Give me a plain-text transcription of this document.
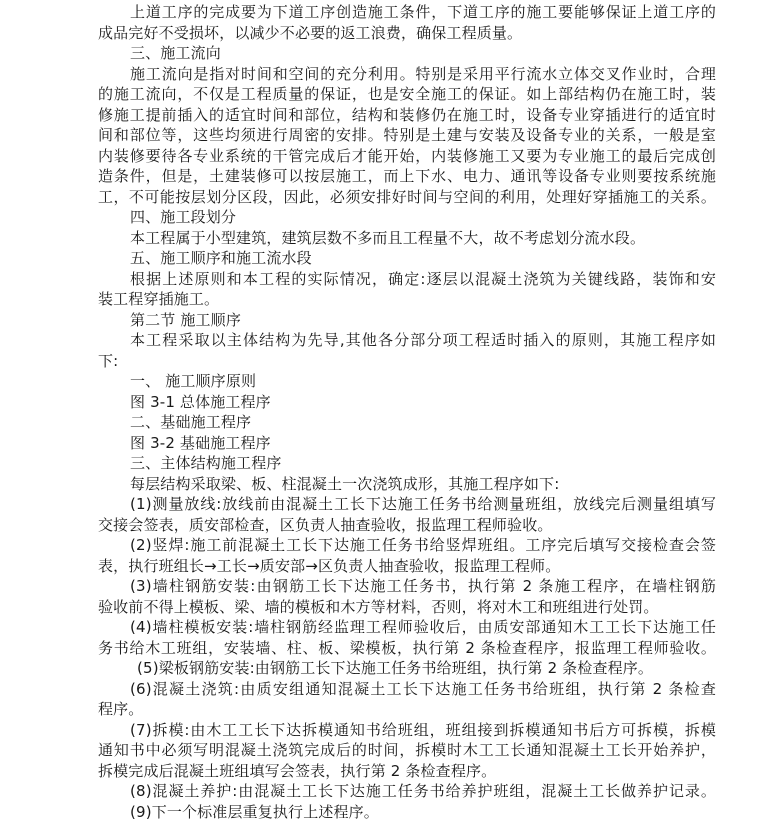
上道工序的完成要为下道工序创造施工条件，下道工序的施工要能够保证上道工序的
成品完好不受损坏，以减少不必要的返工浪费，确保工程质量。
三、施工流向
施工流向是指对时间和空间的充分利用。特别是采用平行流水立体交叉作业时，合理
的施工流向，不仅是工程质量的保证，也是安全施工的保证。如上部结构仍在施工时，装
修施工提前插入的适宜时间和部位，结构和装修仍在施工时，设备专业穿插进行的适宜时
间和部位等，这些均须进行周密的安排。特别是土建与安装及设备专业的关系，一般是室
内装修要待各专业系统的干管完成后才能开始，内装修施工又要为专业施工的最后完成创
造条件，但是，土建装修可以按层施工，而上下水、电力、通讯等设备专业则要按系统施
工，不可能按层划分区段，因此，必须安排好时间与空间的利用，处理好穿插施工的关系。
四、施工段划分
本工程属于小型建筑，建筑层数不多而且工程量不大，故不考虑划分流水段。
五、施工顺序和施工流水段
根据上述原则和本工程的实际情况，确定:逐层以混凝土浇筑为关键线路，装饰和安
装工程穿插施工。
第二节 施工顺序
本工程采取以主体结构为先导,其他各分部分项工程适时插入的原则，其施工程序如
下:
一、 施工顺序原则
图 3-1 总体施工程序
二、基础施工程序
图 3-2 基础施工程序
三、主体结构施工程序
每层结构采取梁、板、柱混凝土一次浇筑成形，其施工程序如下:
(1)测量放线:放线前由混凝土工长下达施工任务书给测量班组，放线完后测量组填写
交接会签表，质安部检查，区负责人抽查验收，报监理工程师验收。
(2)竖焊:施工前混凝土工长下达施工任务书给竖焊班组。工序完后填写交接检查会签
表，执行班组长→工长→质安部→区负责人抽查验收，报监理工程师。
(3)墙柱钢筋安装:由钢筋工长下达施工任务书，执行第 2 条施工程序，在墙柱钢筋
验收前不得上模板、梁、墙的模板和木方等材料，否则，将对木工和班组进行处罚。
(4)墙柱模板安装:墙柱钢筋经监理工程师验收后，由质安部通知木工工长下达施工任
务书给木工班组，安装墙、柱、板、梁模板，执行第 2 条检查程序，报监理工程师验收。
(5)梁板钢筋安装:由钢筋工长下达施工任务书给班组，执行第 2 条检查程序。
(6)混凝土浇筑:由质安组通知混凝土工长下达施工任务书给班组，执行第 2 条检查
程序。
(7)拆模:由木工工长下达拆模通知书给班组，班组接到拆模通知书后方可拆模，拆模
通知书中必须写明混凝土浇筑完成后的时间，拆模时木工工长通知混凝土工长开始养护，
拆模完成后混凝土班组填写会签表，执行第 2 条检查程序。
(8)混凝土养护:由混凝土工长下达施工任务书给养护班组，混凝土工长做养护记录。
(9)下一个标准层重复执行上述程序。
